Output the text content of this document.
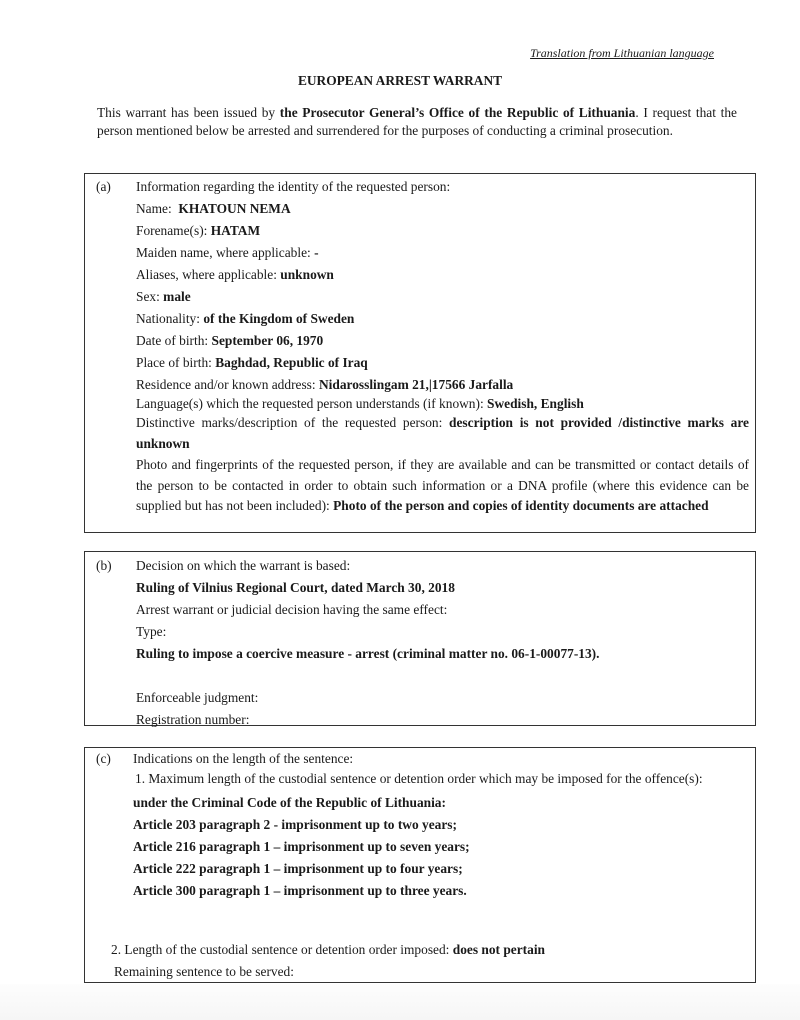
Translation from Lithuanian language
EUROPEAN ARREST WARRANT
This warrant has been issued by the Prosecutor General’s Office of the Republic of Lithuania. I request that the person mentioned below be arrested and surrendered for the purposes of conducting a criminal prosecution.
(a) Information regarding the identity of the requested person:
Name: KHATOUN NEMA
Forename(s): HATAM
Maiden name, where applicable: -
Aliases, where applicable: unknown
Sex: male
Nationality: of the Kingdom of Sweden
Date of birth: September 06, 1970
Place of birth: Baghdad, Republic of Iraq
Residence and/or known address: Nidarosslingam 21,|17566 Jarfalla
Language(s) which the requested person understands (if known): Swedish, English
Distinctive marks/description of the requested person: description is not provided /distinctive marks are unknown
Photo and fingerprints of the requested person, if they are available and can be transmitted or contact details of the person to be contacted in order to obtain such information or a DNA profile (where this evidence can be supplied but has not been included): Photo of the person and copies of identity documents are attached
(b) Decision on which the warrant is based:
Ruling of Vilnius Regional Court, dated March 30, 2018
Arrest warrant or judicial decision having the same effect:
Type:
Ruling to impose a coercive measure - arrest (criminal matter no. 06-1-00077-13).
Enforceable judgment:
Registration number:
(c) Indications on the length of the sentence:
1. Maximum length of the custodial sentence or detention order which may be imposed for the offence(s):
under the Criminal Code of the Republic of Lithuania:
Article 203 paragraph 2 - imprisonment up to two years;
Article 216 paragraph 1 – imprisonment up to seven years;
Article 222 paragraph 1 – imprisonment up to four years;
Article 300 paragraph 1 – imprisonment up to three years.
2. Length of the custodial sentence or detention order imposed: does not pertain
Remaining sentence to be served:
